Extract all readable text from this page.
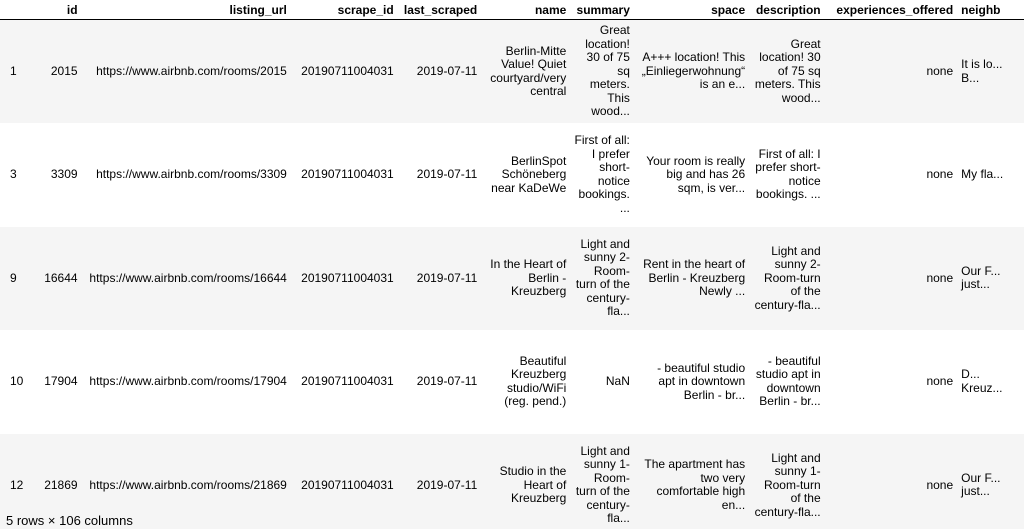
	id	listing_url	scrape_id	last_scraped	name	summary	space	description	experiences_offered	neighb
1	2015	https://www.airbnb.com/rooms/2015	20190711004031	2019-07-11	Berlin-Mitte Value! Quiet courtyard/very central	Great location! 30 of 75 sq meters. This wood...	A+++ location! This „Einliegerwohnung“ is an e...	Great location! 30 of 75 sq meters. This wood...	none	It is lo... B...
3	3309	https://www.airbnb.com/rooms/3309	20190711004031	2019-07-11	BerlinSpot Schöneberg near KaDeWe	First of all: I prefer short-notice bookings. ...	Your room is really big and has 26 sqm, is ver...	First of all: I prefer short-notice bookings. ...	none	My fla...
9	16644	https://www.airbnb.com/rooms/16644	20190711004031	2019-07-11	In the Heart of Berlin - Kreuzberg	Light and sunny 2-Room-turn of the century-fla...	Rent in the heart of Berlin - Kreuzberg Newly ...	Light and sunny 2-Room-turn of the century-fla...	none	Our F... just...
10	17904	https://www.airbnb.com/rooms/17904	20190711004031	2019-07-11	Beautiful Kreuzberg studio/WiFi (reg. pend.)	NaN	- beautiful studio apt in downtown Berlin - br...	- beautiful studio apt in downtown Berlin - br...	none	D... Kreuz...
12	21869	https://www.airbnb.com/rooms/21869	20190711004031	2019-07-11	Studio in the Heart of Kreuzberg	Light and sunny 1-Room-turn of the century-fla...	The apartment has two very comfortable high en...	Light and sunny 1-Room-turn of the century-fla...	none	Our F... just...
5 rows × 106 columns
